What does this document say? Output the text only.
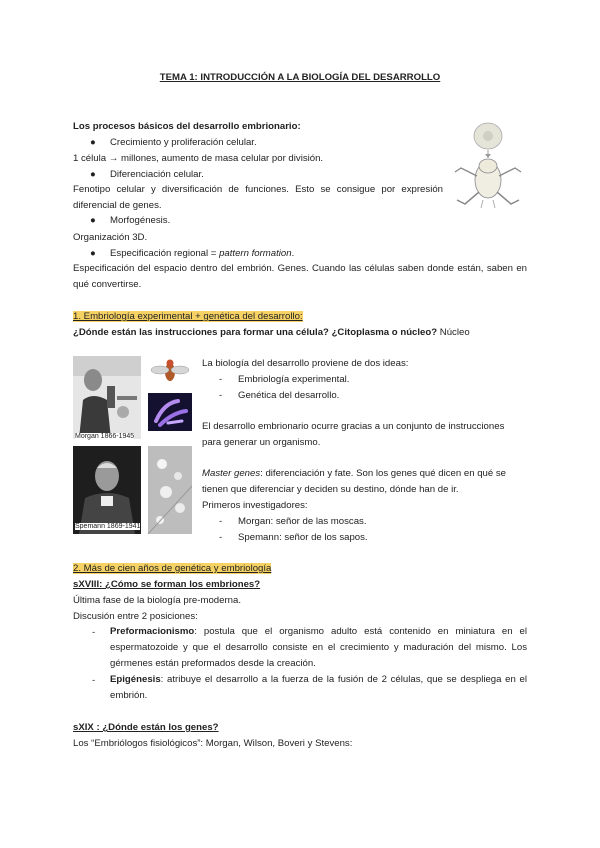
TEMA 1: INTRODUCCIÓN A LA BIOLOGÍA DEL DESARROLLO
Los procesos básicos del desarrollo embrionario:
● Crecimiento y proliferación celular.
1 célula → millones, aumento de masa celular por división.
● Diferenciación celular.
Fenotipo celular y diversificación de funciones. Esto se consigue por expresión diferencial de genes.
● Morfogénesis.
Organización 3D.
● Especificación regional = pattern formation.
Especificación del espacio dentro del embrión. Genes. Cuando las células saben donde están, saben en qué convertirse.
1. Embriología experimental + genética del desarrollo:
¿Dónde están las instrucciones para formar una célula? ¿Citoplasma o núcleo? Núcleo
Morgan 1866-1945
Spemann 1869-1941
La biología del desarrollo proviene de dos ideas:
- Embriología experimental.
- Genética del desarrollo.
El desarrollo embrionario ocurre gracias a un conjunto de instrucciones
para generar un organismo.
Master genes: diferenciación y fate. Son los genes qué dicen en qué se
tienen que diferenciar y deciden su destino, dónde han de ir.
Primeros investigadores:
- Morgan: señor de las moscas.
- Spemann: señor de los sapos.
2. Más de cien años de genética y embriología
sXVIII: ¿Cómo se forman los embriones?
Última fase de la biología pre-moderna.
Discusión entre 2 posiciones:
- Preformacionismo: postula que el organismo adulto está contenido en miniatura en el espermatozoide y que el desarrollo consiste en el crecimiento y maduración del mismo. Los gérmenes están preformados desde la creación.
- Epigénesis: atribuye el desarrollo a la fuerza de la fusión de 2 células, que se despliega en el embrión.
sXIX : ¿Dónde están los genes?
Los “Embriólogos fisiológicos”: Morgan, Wilson, Boveri y Stevens:
